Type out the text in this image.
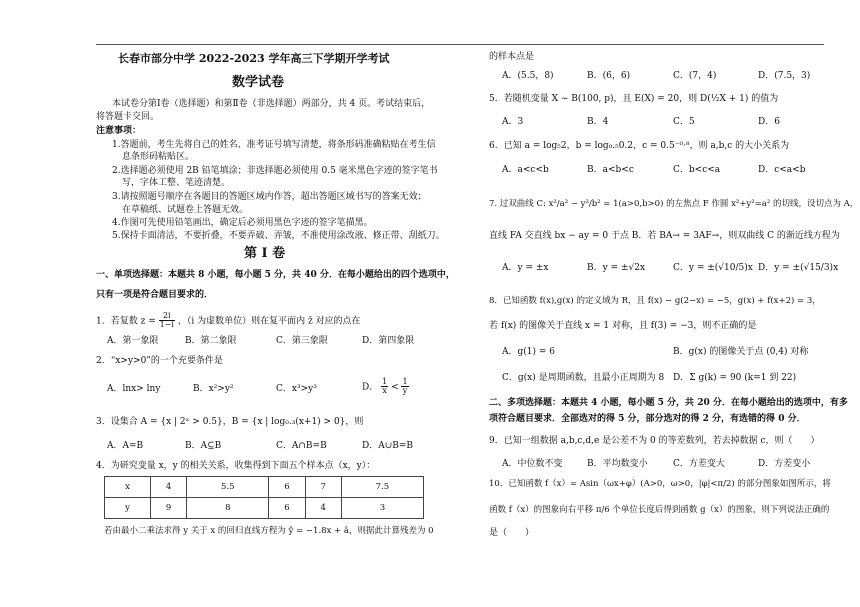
长春市部分中学 2022-2023 学年高三下学期开学考试
数学试卷
本试卷分第Ⅰ卷（选择题）和第Ⅱ卷（非选择题）两部分，共 4 页。考试结束后，
将答题卡交回。
注意事项：
1.答题前，考生先将自己的姓名、准考证号填写清楚，将条形码准确粘贴在考生信
息条形码粘贴区。
2.选择题必须使用 2B 铅笔填涂；非选择题必须使用 0.5 毫米黑色字迹的签字笔书
写，字体工整、笔迹清楚。
3.请按照题号顺序在各题目的答题区域内作答，超出答题区域书写的答案无效；
在草稿纸、试题卷上答题无效。
4.作图可先使用铅笔画出，确定后必须用黑色字迹的签字笔描黑。
5.保持卡面清洁，不要折叠，不要弄破、弄皱，不准使用涂改液、修正带、刮纸刀。
第 Ⅰ 卷
一、单项选择题：本题共 8 小题，每小题 5 分，共 40 分．在每小题给出的四个选项中，
只有一项是符合题目要求的．
1．若复数 $z = \frac{2i}{1-i}$ ，（i 为虚数单位）则在复平面内 z̄ 对应的点在
A．第一象限	B．第二象限	C．第三象限	D．第四象限
2．“x>y>0”的一个充要条件是
A．lnx> lny	B．x²>y²	C．x³>y³	D． $\frac{1}{x} < \frac{1}{y}$
3．设集合 A = {x | 2ˣ > 0.5}，B = {x | log₀.₃(x+1) > 0}，则
A．A=B	B．A⊆B	C．A∩B=B	D．A∪B=B
4．为研究变量 x，y 的相关关系，收集得到下面五个样本点（x，y）：
x	4	5.5	6	7	7.5
y	9	8	6	4	3
若由最小二乘法求得 y 关于 x 的回归直线方程为 ŷ = −1.8x + â，则据此计算残差为 0
的样本点是
A．(5.5，8)	B．(6，6)	C．(7，4)	D．(7.5，3)
5．若随机变量 X ~ B(100, p)，且 E(X) = 20，则 D(½X + 1) 的值为
A．3	B．4	C．5	D．6
6．已知 a = log₅2，b = log₀.₅0.2，c = 0.5⁻⁰·⁸，则 a,b,c 的大小关系为
A．a<c<b	B．a<b<c	C．b<c<a	D．c<a<b
7. 过双曲线 C: x²/a² − y²/b² = 1(a>0,b>0) 的左焦点 F 作圆 x²+y²=a² 的切线，设切点为 A，
直线 FA 交直线 bx − ay = 0 于点 B．若 BA→ = 3AF→，则双曲线 C 的渐近线方程为
A．y = ±x	B．y = ±√2x	C．y = ±(√10/5)x D．y = ±(√15/3)x
8．已知函数 f(x),g(x) 的定义域为 R，且 f(x) − g(2−x) = −5，g(x) + f(x+2) = 3，
若 f(x) 的图像关于直线 x = 1 对称，且 f(3) = −3，则不正确的是
A．g(1) = 6	B．g(x) 的图像关于点 (0,4) 对称
C．g(x) 是周期函数，且最小正周期为 8 D．Σ g(k) = 90 (k=1 到 22)
二、多项选择题：本题共 4 小题，每小题 5 分，共 20 分．在每小题给出的选项中，有多
项符合题目要求．全部选对的得 5 分，部分选对的得 2 分，有选错的得 0 分．
9．已知一组数据 a,b,c,d,e 是公差不为 0 的等差数列，若去掉数据 c，则（　　）
A．中位数不变	B．平均数变小	C．方差变大	D．方差变小
10．已知函数 f（x）= Asin（ωx+φ）(A>0，ω>0，|φ|<π/2) 的部分图象如图所示，将
函数 f（x）的图象向右平移 π/6 个单位长度后得到函数 g（x）的图象，则下列说法正确的
是（　　）
